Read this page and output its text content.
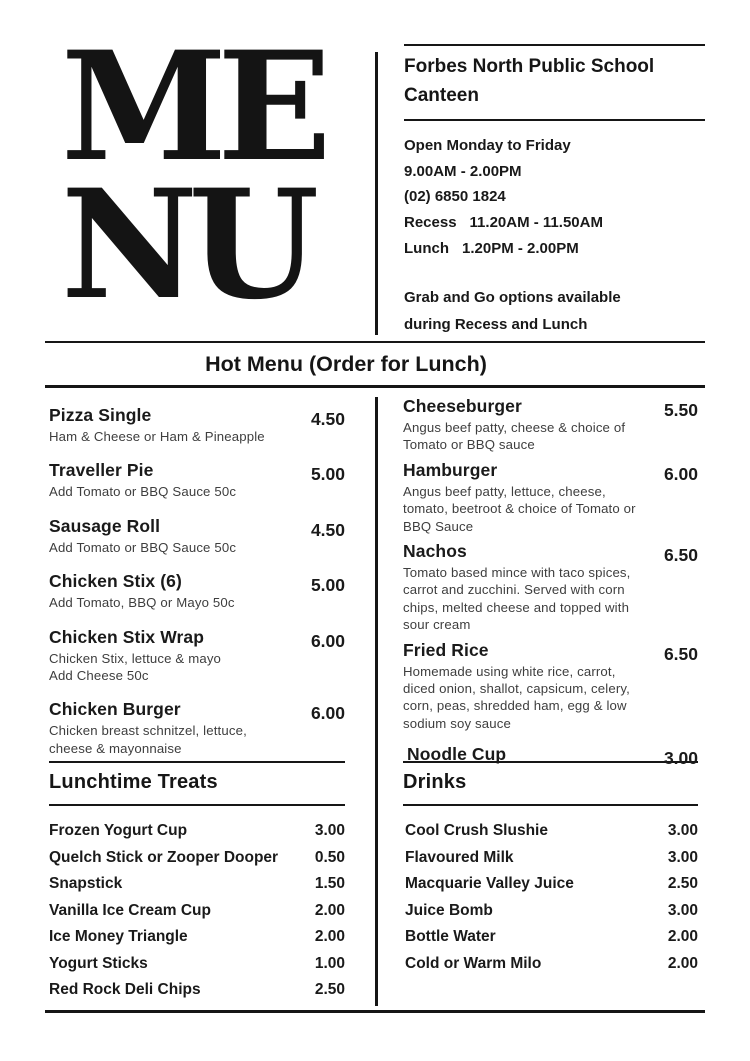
ME
NU
Forbes North Public School
Canteen
Open Monday to Friday
9.00AM - 2.00PM
(02) 6850 1824
Recess 11.20AM - 11.50AM
Lunch 1.20PM - 2.00PM
Grab and Go options available
during Recess and Lunch
Hot Menu (Order for Lunch)
Pizza Single
Ham & Cheese or Ham & Pineapple
4.50
Traveller Pie
Add Tomato or BBQ Sauce 50c
5.00
Sausage Roll
Add Tomato or BBQ Sauce 50c
4.50
Chicken Stix (6)
Add Tomato, BBQ or Mayo 50c
5.00
Chicken Stix Wrap
Chicken Stix, lettuce & mayo
Add Cheese 50c
6.00
Chicken Burger
Chicken breast schnitzel, lettuce, cheese & mayonnaise
6.00
Lunchtime Treats
Frozen Yogurt Cup	3.00
Quelch Stick or Zooper Dooper 0.50
Snapstick	1.50
Vanilla Ice Cream Cup	2.00
Ice Money Triangle	2.00
Yogurt Sticks	1.00
Red Rock Deli Chips	2.50
Cheeseburger
Angus beef patty, cheese & choice of Tomato or BBQ sauce
5.50
Hamburger
Angus beef patty, lettuce, cheese, tomato, beetroot & choice of Tomato or BBQ Sauce
6.00
Nachos
Tomato based mince with taco spices, carrot and zucchini. Served with corn chips, melted cheese and topped with sour cream
6.50
Fried Rice
Homemade using white rice, carrot, diced onion, shallot, capsicum, celery, corn, peas, shredded ham, egg & low sodium soy sauce
6.50
Noodle Cup	3.00
Drinks
Cool Crush Slushie	3.00
Flavoured Milk	3.00
Macquarie Valley Juice	2.50
Juice Bomb	3.00
Bottle Water	2.00
Cold or Warm Milo	2.00
